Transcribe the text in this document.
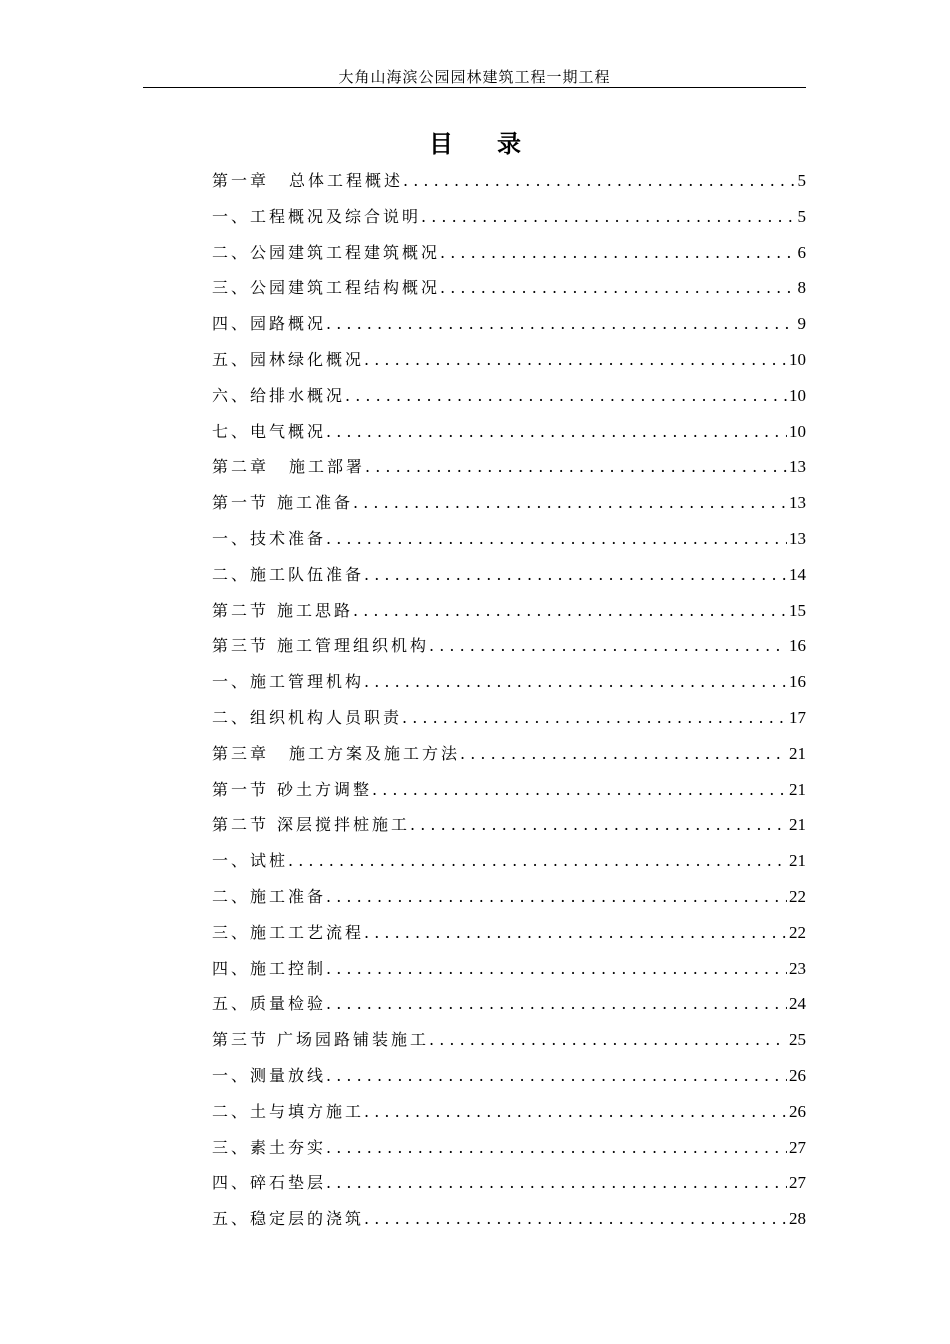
大角山海滨公园园林建筑工程一期工程
目录
第一章 总体工程概述 .....	5
一、工程概况及综合说明 .....	5
二、公园建筑工程建筑概况 .....	6
三、公园建筑工程结构概况 .....	8
四、园路概况 .....	9
五、园林绿化概况 .....	10
六、给排水概况 .....	10
七、电气概况 .....	10
第二章 施工部署 .....	13
第一节 施工准备 .....	13
一、技术准备 .....	13
二、施工队伍准备 .....	14
第二节 施工思路 .....	15
第三节 施工管理组织机构 .....	16
一、施工管理机构 .....	16
二、组织机构人员职责 .....	17
第三章 施工方案及施工方法 .....	21
第一节 砂土方调整 .....	21
第二节 深层搅拌桩施工 .....	21
一、试桩 .....	21
二、施工准备 .....	22
三、施工工艺流程 .....	22
四、施工控制 .....	23
五、质量检验 .....	24
第三节 广场园路铺装施工 .....	25
一、测量放线 .....	26
二、土与填方施工 .....	26
三、素土夯实 .....	27
四、碎石垫层 .....	27
五、稳定层的浇筑 .....	28
